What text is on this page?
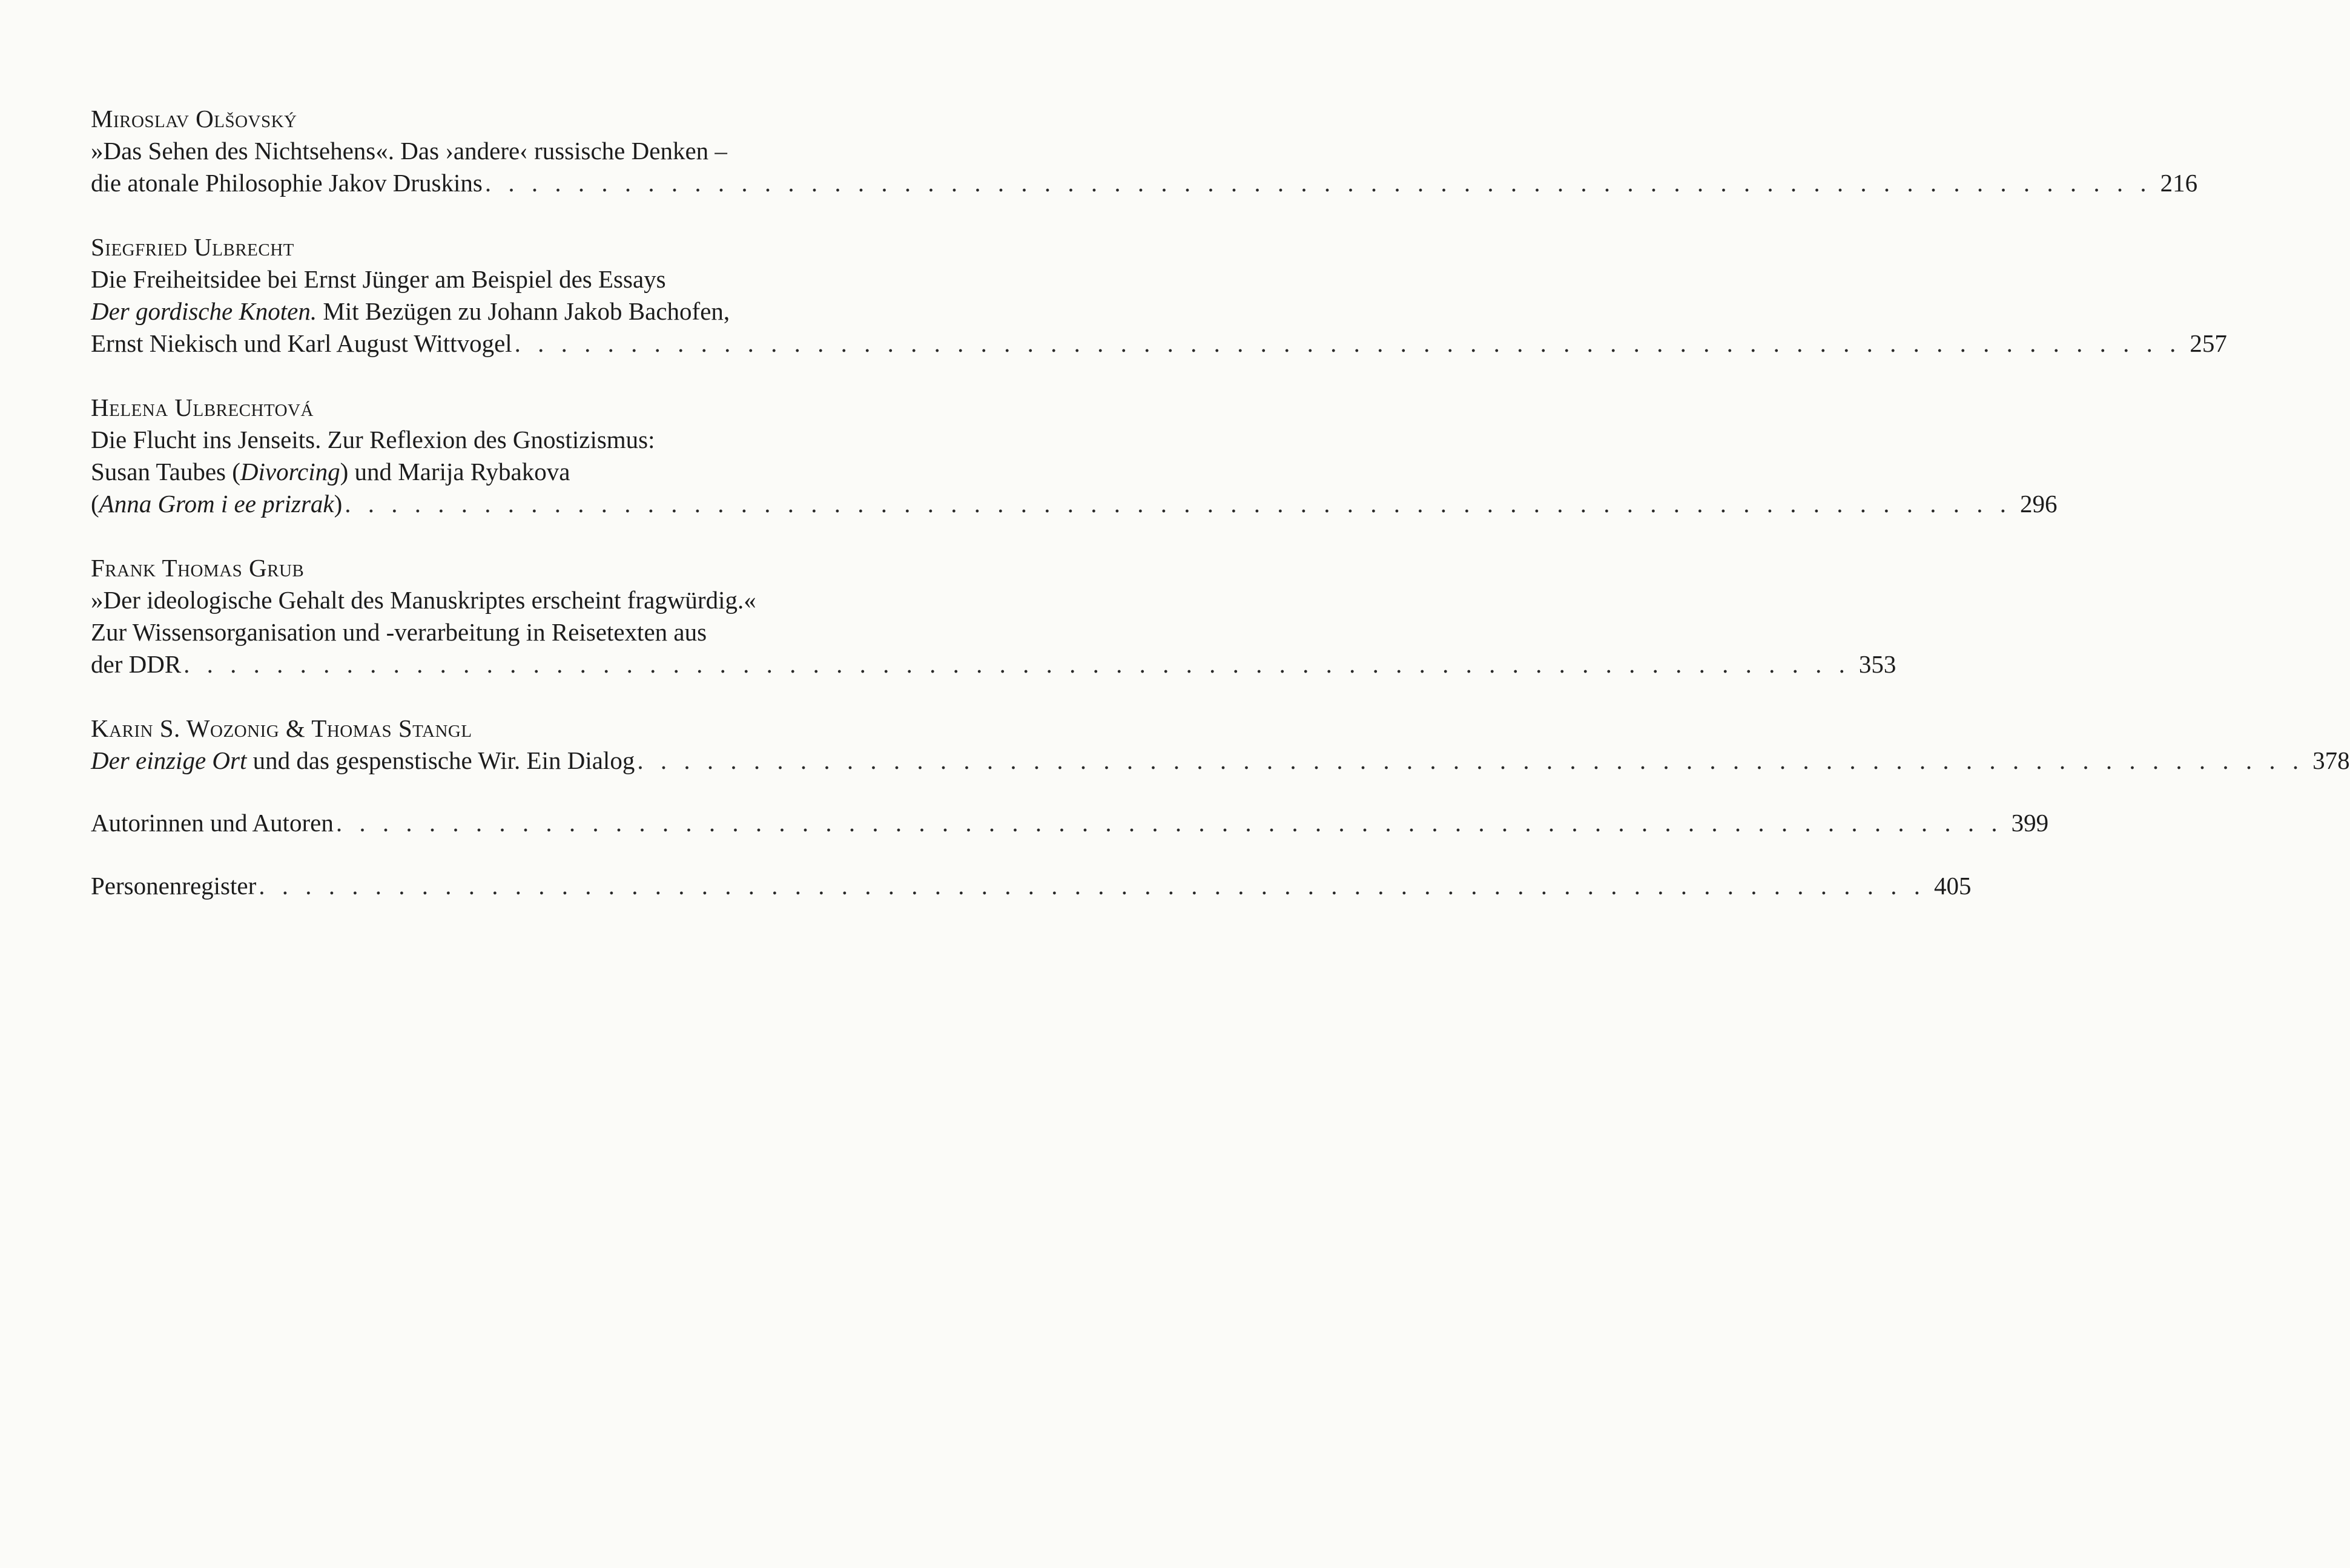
Miroslav Olšovský
»Das Sehen des Nichtsehens«. Das ›andere‹ russische Denken –
die atonale Philosophie Jakov Druskins . . . . . . . . . . . . . . . . . . . . . . . . . . . . . . . . . . . . . . . . . . . . . . . . . . . . . . . . . . . . . . . . . . . . . . . . 216
Siegfried Ulbrecht
Die Freiheitsidee bei Ernst Jünger am Beispiel des Essays
Der gordische Knoten. Mit Bezügen zu Johann Jakob Bachofen,
Ernst Niekisch und Karl August Wittvogel . . . . . . . . . . . . . . . . . . . . . . . . . . . . . . . . . . . . . . . . . . . . . . . . . . . . . . . . . . . . . . . . . . . . . . . . 257
Helena Ulbrechtová
Die Flucht ins Jenseits. Zur Reflexion des Gnostizismus:
Susan Taubes (Divorcing) und Marija Rybakova
(Anna Grom i ee prizrak) . . . . . . . . . . . . . . . . . . . . . . . . . . . . . . . . . . . . . . . . . . . . . . . . . . . . . . . . . . . . . . . . . . . . . . . . 296
Frank Thomas Grub
»Der ideologische Gehalt des Manuskriptes erscheint fragwürdig.«
Zur Wissensorganisation und -verarbeitung in Reisetexten aus
der DDR . . . . . . . . . . . . . . . . . . . . . . . . . . . . . . . . . . . . . . . . . . . . . . . . . . . . . . . . . . . . . . . . . . . . . . . . 353
Karin S. Wozonig & Thomas Stangl
Der einzige Ort und das gespenstische Wir. Ein Dialog . . . . . . . . . . . . . . . . . . . . . . . . . . . . . . . . . . . . . . . . . . . . . . . . . . . . . . . . . . . . . . . . . . . . . . . . 378
Autorinnen und Autoren . . . . . . . . . . . . . . . . . . . . . . . . . . . . . . . . . . . . . . . . . . . . . . . . . . . . . . . . . . . . . . . . . . . . . . . . 399
Personenregister . . . . . . . . . . . . . . . . . . . . . . . . . . . . . . . . . . . . . . . . . . . . . . . . . . . . . . . . . . . . . . . . . . . . . . . . 405
